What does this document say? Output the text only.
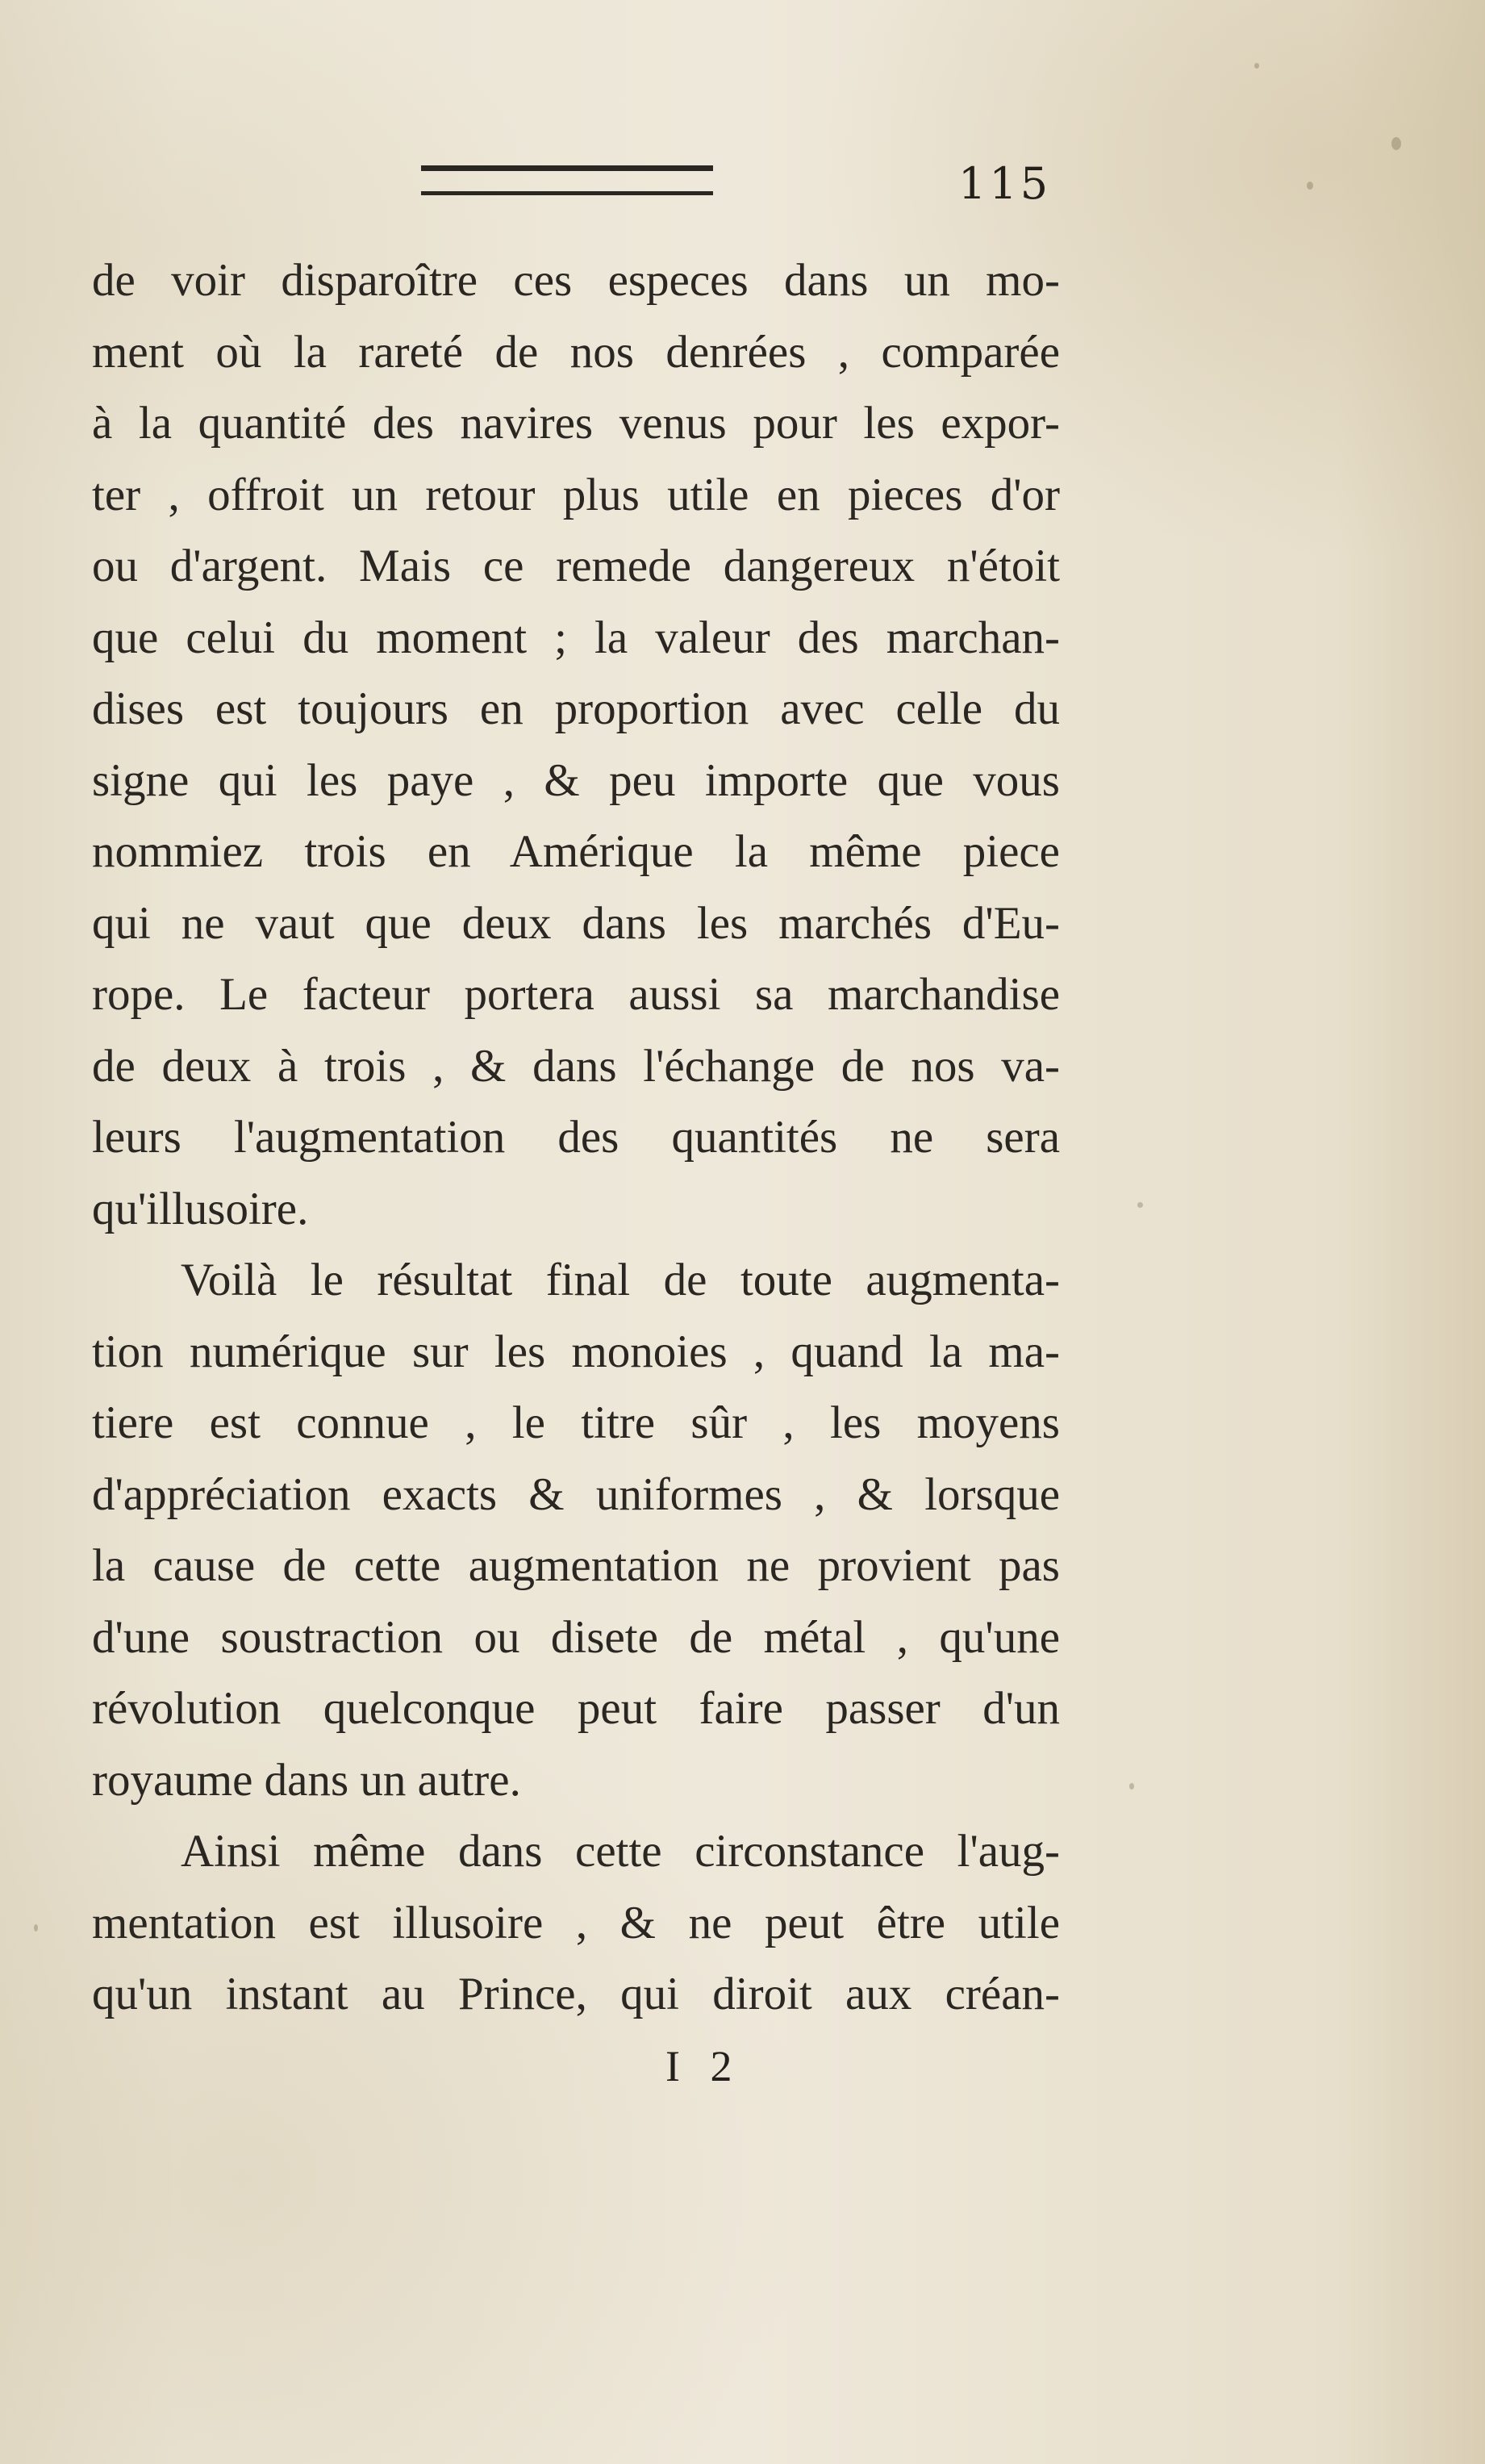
115
de voir disparoître ces especes dans un mo-
ment où la rareté de nos denrées , comparée
à la quantité des navires venus pour les expor-
ter , offroit un retour plus utile en pieces d'or
ou d'argent. Mais ce remede dangereux n'étoit
que celui du moment ; la valeur des marchan-
dises est toujours en proportion avec celle du
signe qui les paye , & peu importe que vous
nommiez trois en Amérique la même piece
qui ne vaut que deux dans les marchés d'Eu-
rope. Le facteur portera aussi sa marchandise
de deux à trois , & dans l'échange de nos va-
leurs l'augmentation des quantités ne sera
qu'illusoire.
Voilà le résultat final de toute augmenta-
tion numérique sur les monoies , quand la ma-
tiere est connue , le titre sûr , les moyens
d'appréciation exacts & uniformes , & lorsque
la cause de cette augmentation ne provient pas
d'une soustraction ou disete de métal , qu'une
révolution quelconque peut faire passer d'un
royaume dans un autre.
Ainsi même dans cette circonstance l'aug-
mentation est illusoire , & ne peut être utile
qu'un instant au Prince, qui diroit aux créan-
I 2
